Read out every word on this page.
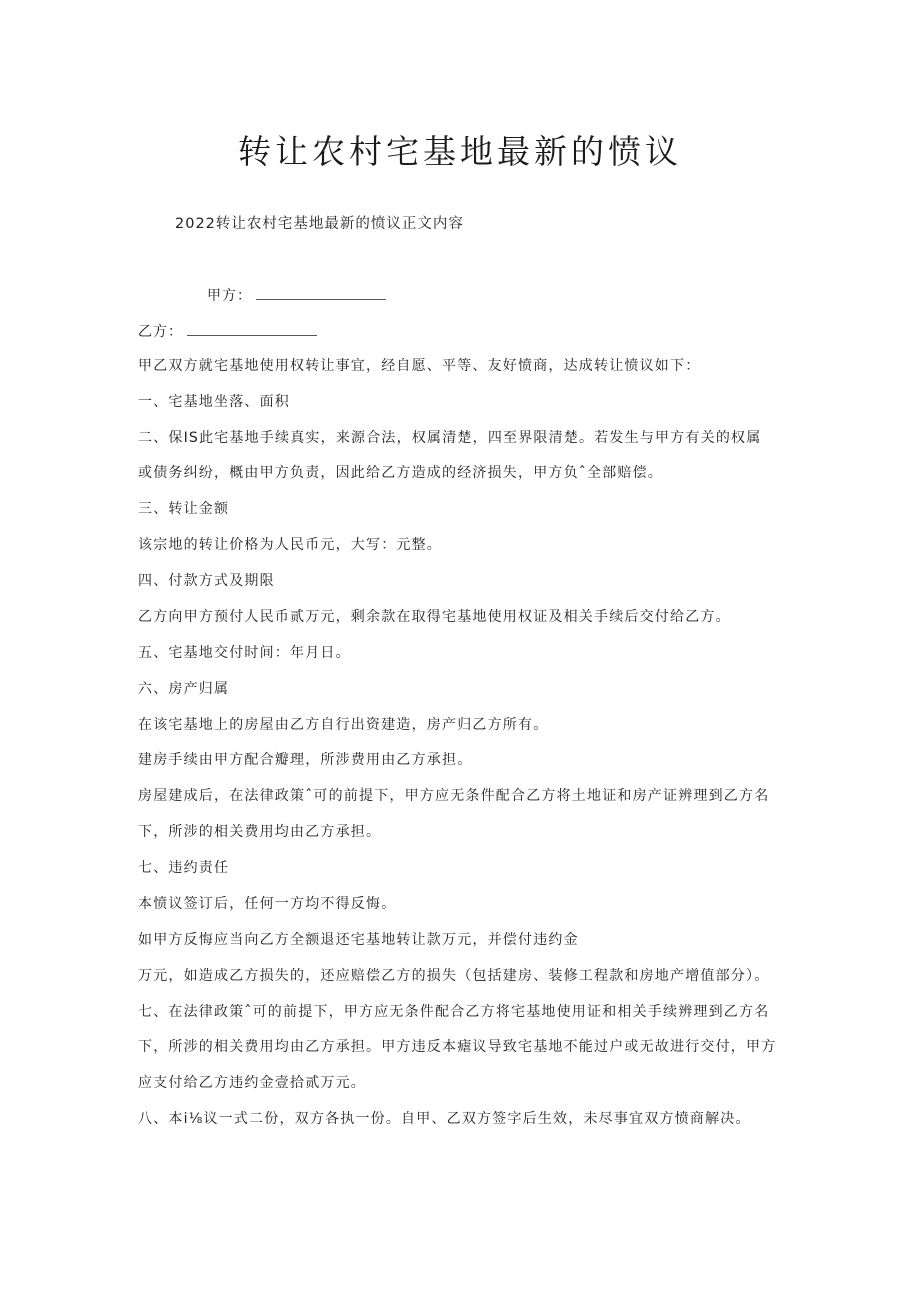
转让农村宅基地最新的愤议
2022转让农村宅基地最新的愤议正文内容
甲方：
乙方：
甲乙双方就宅基地使用权转让事宜，经自愿、平等、友好愤商，达成转让愤议如下：
一、宅基地坐落、面积
二、保IS此宅基地手续真实，来源合法，权属清楚，四至界限清楚。若发生与甲方有关的权属
或债务纠纷，概由甲方负责，因此给乙方造成的经济损失，甲方负ˆ全部赔偿。
三、转让金额
该宗地的转让价格为人民币元，大写：元整。
四、付款方式及期限
乙方向甲方预付人民币贰万元，剩余款在取得宅基地使用权证及相关手续后交付给乙方。
五、宅基地交付时间：年月日。
六、房产归属
在该宅基地上的房屋由乙方自行出资建造，房产归乙方所有。
建房手续由甲方配合瓣理，所涉费用由乙方承担。
房屋建成后，在法律政策ˆ可的前提下，甲方应无条件配合乙方将土地证和房产证辨理到乙方名
下，所涉的相关费用均由乙方承担。
七、违约责任
本愤议签订后，任何一方均不得反悔。
如甲方反悔应当向乙方全额退还宅基地转让款万元，并偿付违约金
万元，如造成乙方损失的，还应赔偿乙方的损失（包括建房、装修工程款和房地产增值部分）。
七、在法律政策ˆ可的前提下，甲方应无条件配合乙方将宅基地使用证和相关手续辨理到乙方名
下，所涉的相关费用均由乙方承担。甲方违反本瘧议导致宅基地不能过户或无故进行交付，甲方
应支付给乙方违约金壹拾贰万元。
八、本i⅛议一式二份，双方各执一份。自甲、乙双方签字后生效，未尽事宜双方愤商解决。
